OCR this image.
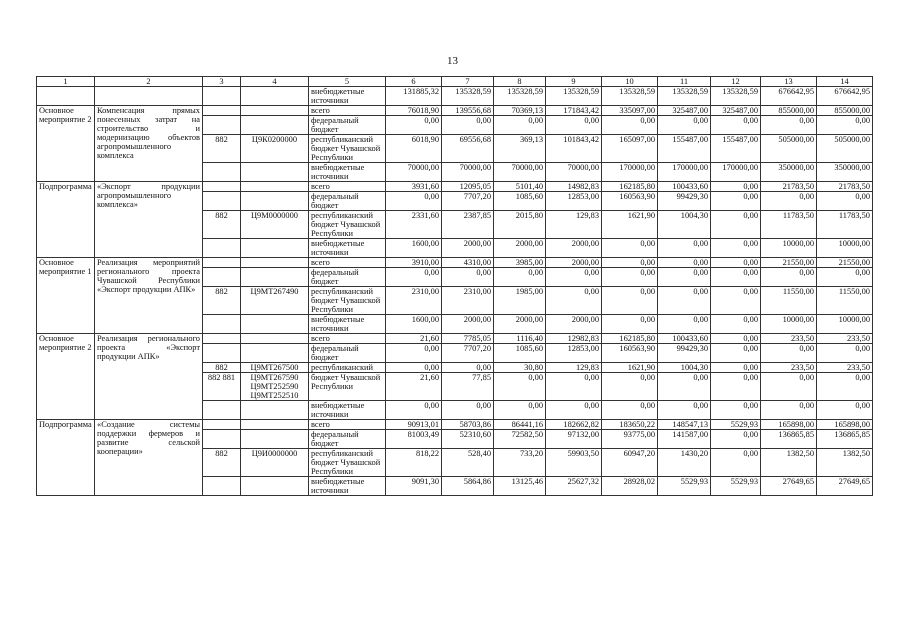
13
1	2	3	4	5	6	7	8	9	10	11	12	13	14
				внебюджетные источники	131885,32	135328,59	135328,59	135328,59	135328,59	135328,59	135328,59	676642,95	676642,95
Основное мероприятие 2	Компенсация прямых понесенных затрат на строительство и модернизацию объектов агропромышленного комплекса			всего	76018,90	139556,68	70369,13	171843,42	335097,00	325487,00	325487,00	855000,00	855000,00
				федеральный бюджет	0,00	0,00	0,00	0,00	0,00	0,00	0,00	0,00	0,00
		882	Ц9К0200000	республиканский бюджет Чувашской Республики	6018,90	69556,68	369,13	101843,42	165097,00	155487,00	155487,00	505000,00	505000,00
				внебюджетные источники	70000,00	70000,00	70000,00	70000,00	170000,00	170000,00	170000,00	350000,00	350000,00
Подпрограмма	«Экспорт продукции агропромышленного комплекса»			всего	3931,60	12095,05	5101,40	14982,83	162185,80	100433,60	0,00	21783,50	21783,50
				федеральный бюджет	0,00	7707,20	1085,60	12853,00	160563,90	99429,30	0,00	0,00	0,00
		882	Ц9М0000000	республиканский бюджет Чувашской Республики	2331,60	2387,85	2015,80	129,83	1621,90	1004,30	0,00	11783,50	11783,50
				внебюджетные источники	1600,00	2000,00	2000,00	2000,00	0,00	0,00	0,00	10000,00	10000,00
Основное мероприятие 1	Реализация мероприятий регионального проекта Чувашской Республики «Экспорт продукции АПК»			всего	3910,00	4310,00	3985,00	2000,00	0,00	0,00	0,00	21550,00	21550,00
				федеральный бюджет	0,00	0,00	0,00	0,00	0,00	0,00	0,00	0,00	0,00
		882	Ц9МТ267490	республиканский бюджет Чувашской Республики	2310,00	2310,00	1985,00	0,00	0,00	0,00	0,00	11550,00	11550,00
				внебюджетные источники	1600,00	2000,00	2000,00	2000,00	0,00	0,00	0,00	10000,00	10000,00
Основное мероприятие 2	Реализация регионального проекта «Экспорт продукции АПК»			всего	21,60	7785,05	1116,40	12982,83	162185,80	100433,60	0,00	233,50	233,50
				федеральный бюджет	0,00	7707,20	1085,60	12853,00	160563,90	99429,30	0,00	0,00	0,00
		882	Ц9МТ267500	республиканский	0,00	0,00	30,80	129,83	1621,90	1004,30	0,00	233,50	233,50
		882 881	Ц9МТ267590 Ц9МТ252590 Ц9МТ252510	бюджет Чувашской Республики	21,60	77,85	0,00	0,00	0,00	0,00	0,00	0,00	0,00
				внебюджетные источники	0,00	0,00	0,00	0,00	0,00	0,00	0,00	0,00	0,00
Подпрограмма	«Создание системы поддержки фермеров и развитие сельской кооперации»			всего	90913,01	58703,86	86441,16	182662,82	183650,22	148547,13	5529,93	165898,00	165898,00
				федеральный бюджет	81003,49	52310,60	72582,50	97132,00	93775,00	141587,00	0,00	136865,85	136865,85
		882	Ц9И0000000	республиканский бюджет Чувашской Республики	818,22	528,40	733,20	59903,50	60947,20	1430,20	0,00	1382,50	1382,50
				внебюджетные источники	9091,30	5864,86	13125,46	25627,32	28928,02	5529,93	5529,93	27649,65	27649,65
